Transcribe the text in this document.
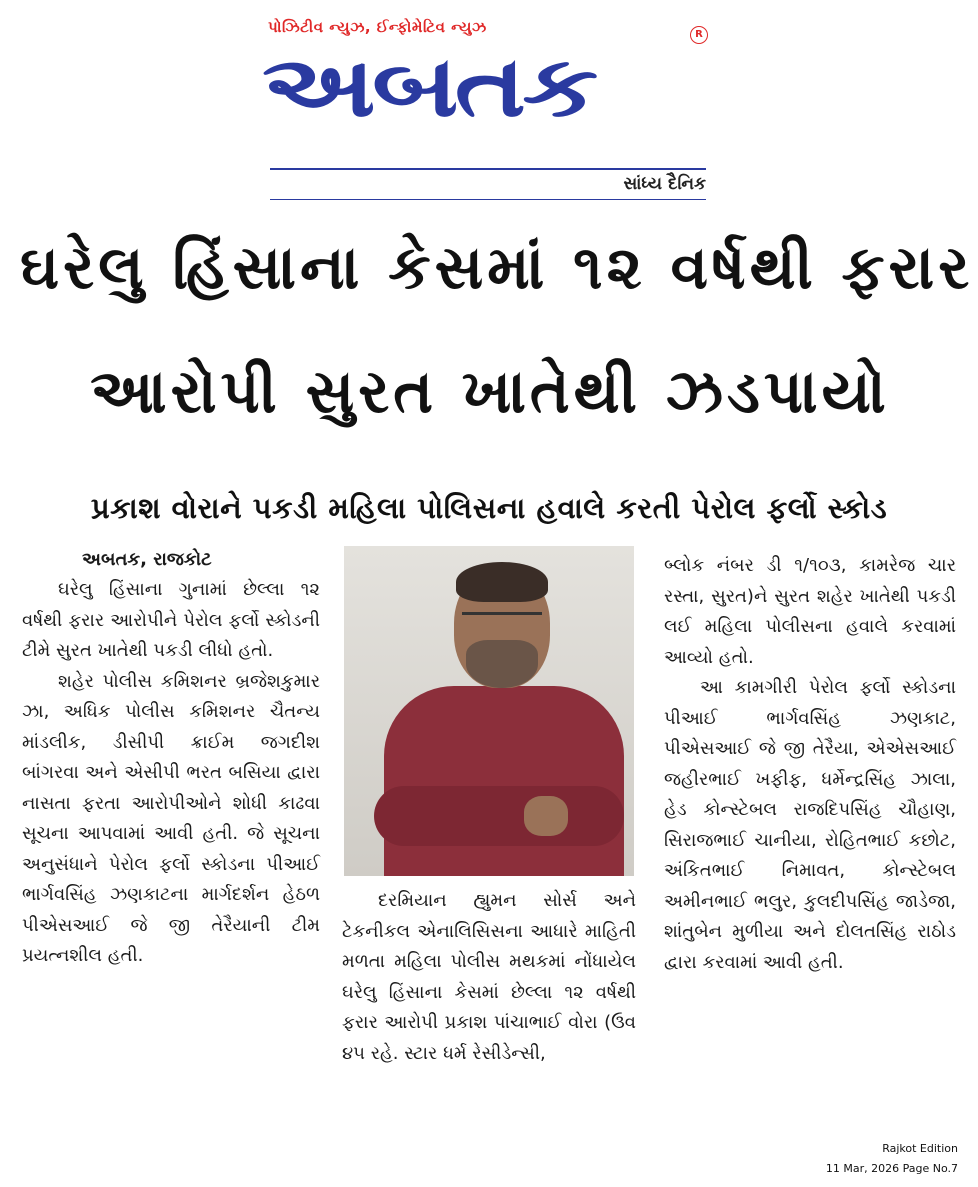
પોઝિટીવ ન્યુઝ, ઈન્ફોમેટિવ ન્યુઝ
અબતક
R
સાંધ્ય દૈનિક
ઘરેલુ હિંસાના કેસમાં ૧૨ વર્ષથી ફરાર
આરોપી સુરત ખાતેથી ઝડપાયો
પ્રકાશ વોરાને પકડી મહિલા પોલિસના હવાલે કરતી પેરોલ ફર્લો સ્કોડ
અબતક, રાજકોટ

ઘરેલુ હિંસાના ગુનામાં છેલ્લા ૧૨ વર્ષથી ફરાર આરોપીને પેરોલ ફર્લો સ્કોડની ટીમે સુરત ખાતેથી પકડી લીધો હતો.

શહેર પોલીસ કમિશનર બ્રજેશકુમાર ઝા, અધિક પોલીસ કમિશનર ચૈતન્ય માંડલીક, ડીસીપી ક્રાઈમ જગદીશ બાંગરવા અને એસીપી ભરત બસિયા દ્વારા નાસતા ફરતા આરોપીઓને શોધી કાઢવા સૂચના આપવામાં આવી હતી. જે સૂચના અનુસંધાને પેરોલ ફર્લો સ્કોડના પીઆઈ ભાર્ગવસિંહ ઝણકાટના માર્ગદર્શન હેઠળ પીએસઆઈ જે જી તેરૈયાની ટીમ પ્રયત્નશીલ હતી.

દરમિયાન હ્યુમન સોર્સ અને ટેકનીકલ એનાલિસિસના આધારે માહિતી મળતા મહિલા પોલીસ મથકમાં નોંધાયેલ ઘરેલુ હિંસાના કેસમાં છેલ્લા ૧૨ વર્ષથી ફરાર આરોપી પ્રકાશ પાંચાભાઈ વોરા (ઉવ ૪૫ રહે. સ્ટાર ધર્મ રેસીડેન્સી,

બ્લોક નંબર ડી ૧/૧૦૩, કામરેજ ચાર રસ્તા, સુરત)ને સુરત શહેર ખાતેથી પકડી લઈ મહિલા પોલીસના હવાલે કરવામાં આવ્યો હતો.

આ કામગીરી પેરોલ ફર્લો સ્કોડના પીઆઈ ભાર્ગવસિંહ ઝણકાટ, પીએસઆઈ જે જી તેરૈયા, એએસઆઈ જહીરભાઈ ખફીફ, ધર્મેન્દ્રસિંહ ઝાલા, હેડ કોન્સ્ટેબલ રાજદિપસિંહ ચૌહાણ, સિરાજભાઈ ચાનીયા, રોહિતભાઈ કછોટ, અંકિતભાઈ નિમાવત, કોન્સ્ટેબલ અમીનભાઈ ભલુર, કુલદીપસિંહ જાડેજા, શાંતુબેન મુળીયા અને દોલતસિંહ રાઠોડ દ્વારા કરવામાં આવી હતી.

Rajkot Edition
11 Mar, 2026 Page No.7
